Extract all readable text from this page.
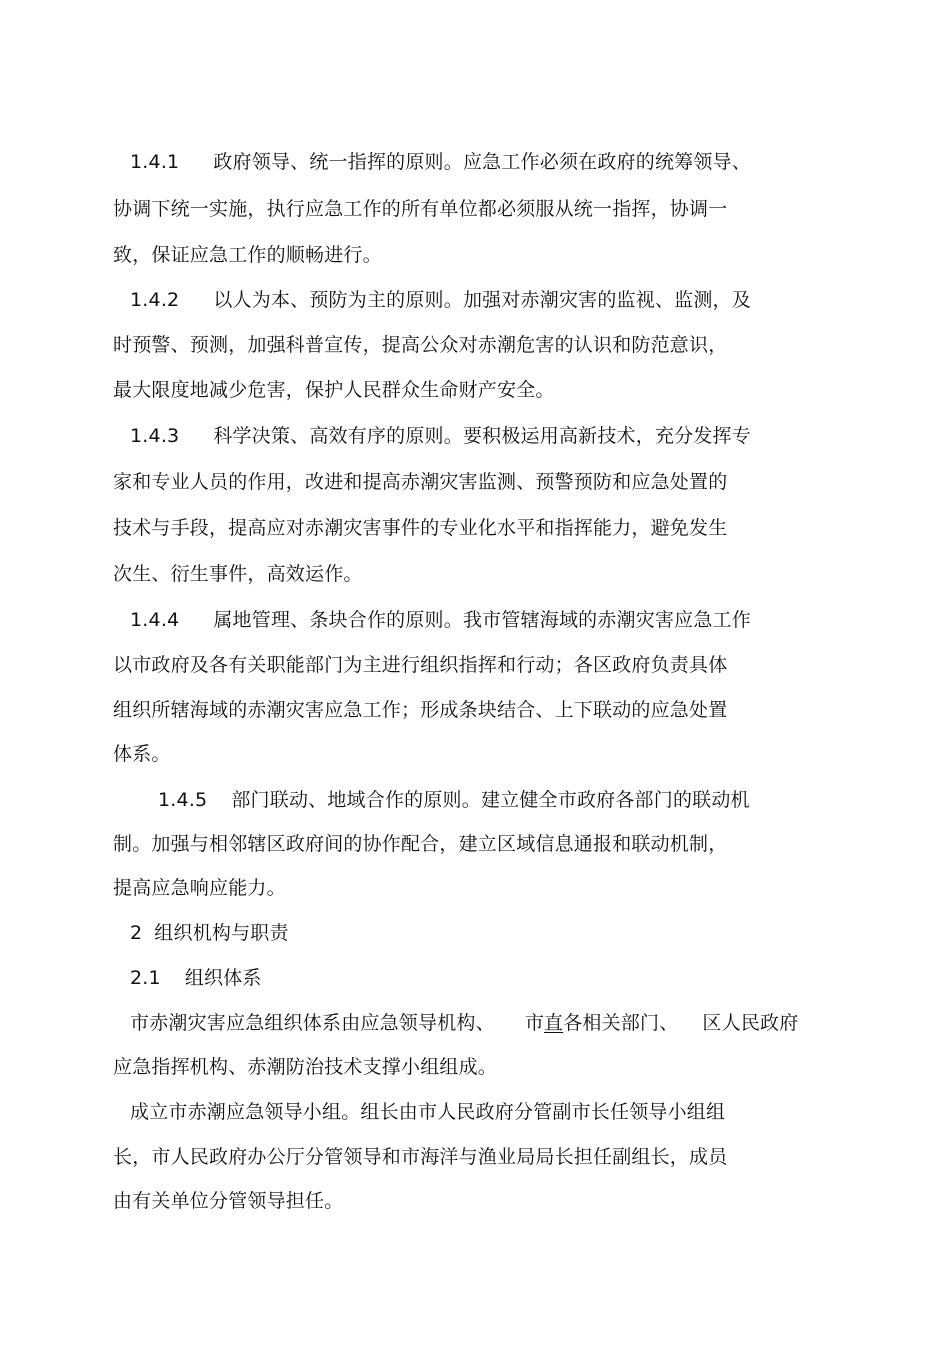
1.4.1 政府领导、统一指挥的原则。应急工作必须在政府的统筹领导、
协调下统一实施，执行应急工作的所有单位都必须服从统一指挥，协调一
致，保证应急工作的顺畅进行。
1.4.2 以人为本、预防为主的原则。加强对赤潮灾害的监视、监测，及
时预警、预测，加强科普宣传，提高公众对赤潮危害的认识和防范意识，
最大限度地减少危害，保护人民群众生命财产安全。
1.4.3 科学决策、高效有序的原则。要积极运用高新技术，充分发挥专
家和专业人员的作用，改进和提高赤潮灾害监测、预警预防和应急处置的
技术与手段，提高应对赤潮灾害事件的专业化水平和指挥能力，避免发生
次生、衍生事件，高效运作。
1.4.4 属地管理、条块合作的原则。我市管辖海域的赤潮灾害应急工作
以市政府及各有关职能部门为主进行组织指挥和行动；各区政府负责具体
组织所辖海域的赤潮灾害应急工作；形成条块结合、上下联动的应急处置
体系。
1.4.5 部门联动、地域合作的原则。建立健全市政府各部门的联动机
制。加强与相邻辖区政府间的协作配合，建立区域信息通报和联动机制，
提高应急响应能力。
2 组织机构与职责
2.1 组织体系
市赤潮灾害应急组织体系由应急领导机构、 市直各相关部门、 区人民政府
应急指挥机构、赤潮防治技术支撑小组组成。
成立市赤潮应急领导小组。组长由市人民政府分管副市长任领导小组组
长，市人民政府办公厅分管领导和市海洋与渔业局局长担任副组长，成员
由有关单位分管领导担任。
